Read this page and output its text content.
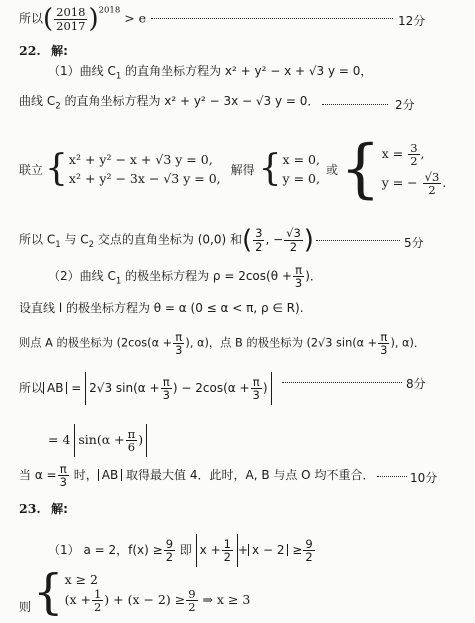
所以( $\frac{2018}{2017} )^{2018} > e$	12分
22. 解:
（1）曲线 $C_1$ 的直角坐标方程为 x² + y² − x + √3 y = 0，
曲线 $C_2$ 的直角坐标方程为 x² + y² − 3x − √3 y = 0．	2分
联立 { x² + y² − x + √3 y = 0,
x² + y² − 3x − √3 y = 0,
解得 { x = 0,
y = 0,
或 { $x = \frac{3}{2}$ ,
y = − $\frac{√3}{2}$ .
所以 $C_1$ 与 $C_2$ 交点的直角坐标为 (0,0) 和( $\frac{3}{2}$ , − $\frac{√3}{2}$ )	5分
（2）曲线 $C_1$ 的极坐标方程为 $\rho = 2\cos(\theta + \frac{\pi}{3}$ )．
设直线 l 的极坐标方程为 θ = α (0 ≤ α < π, ρ ∈ R).
则点 A 的极坐标为 ($2\cos(\alpha + \frac{\pi}{3}$ ), α)，点 B 的极坐标为 (2√3 $\sin(\alpha + \frac{\pi}{3}$ ), α)．
所以 AB = 2√3 $\sin(\alpha + \frac{\pi}{3}$ ) − $2\cos(\alpha + \frac{\pi}{3}$ )	8分
= 4 $\sin(\alpha + \frac{\pi}{6}$ )
当 $\alpha = \frac{\pi}{3}$ 时， AB 取得最大值 4．此时，A, B 与点 O 均不重合．	10分
23. 解:
（1） a = 2，$f(x) \ge \frac{9}{2}$ 即 $x + \frac{1}{2} + x - 2 \ge \frac{9}{2}$
则 { x ≥ 2
($x + \frac{1}{2}$ ) + $(x - 2) \ge \frac{9}{2}$ ⇒ x ≥ 3
